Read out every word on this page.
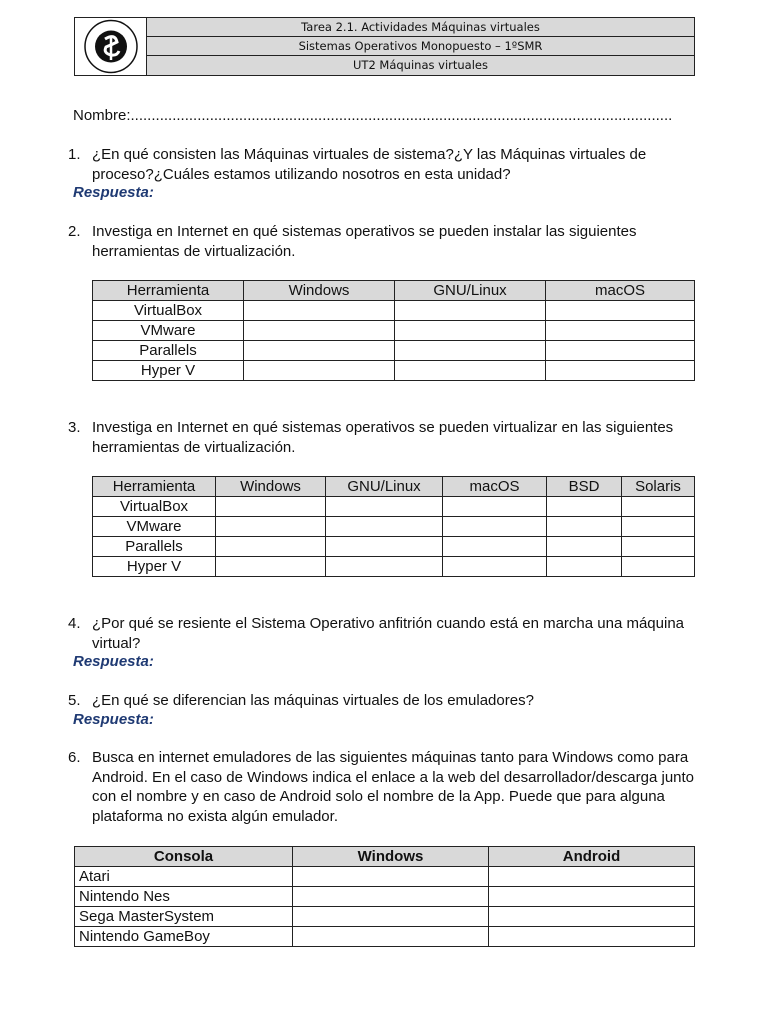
Tarea 2.1. Actividades Máquinas virtuales
Sistemas Operativos Monopuesto – 1ºSMR
UT2 Máquinas virtuales
Nombre:..................................................................................................................................
1. ¿En qué consisten las Máquinas virtuales de sistema?¿Y las Máquinas virtuales de proceso?¿Cuáles estamos utilizando nosotros en esta unidad?
Respuesta:
2. Investiga en Internet en qué sistemas operativos se pueden instalar las siguientes herramientas de virtualización.
Herramienta	Windows	GNU/Linux	macOS
VirtualBox			
VMware			
Parallels			
Hyper V			
3. Investiga en Internet en qué sistemas operativos se pueden virtualizar en las siguientes herramientas de virtualización.
Herramienta	Windows	GNU/Linux	macOS	BSD	Solaris
VirtualBox					
VMware					
Parallels					
Hyper V					
4. ¿Por qué se resiente el Sistema Operativo anfitrión cuando está en marcha una máquina virtual?
Respuesta:
5. ¿En qué se diferencian las máquinas virtuales de los emuladores?
Respuesta:
6. Busca en internet emuladores de las siguientes máquinas tanto para Windows como para Android. En el caso de Windows indica el enlace a la web del desarrollador/descarga junto con el nombre y en caso de Android solo el nombre de la App. Puede que para alguna plataforma no exista algún emulador.
Consola	Windows	Android
Atari		
Nintendo Nes		
Sega MasterSystem		
Nintendo GameBoy		
